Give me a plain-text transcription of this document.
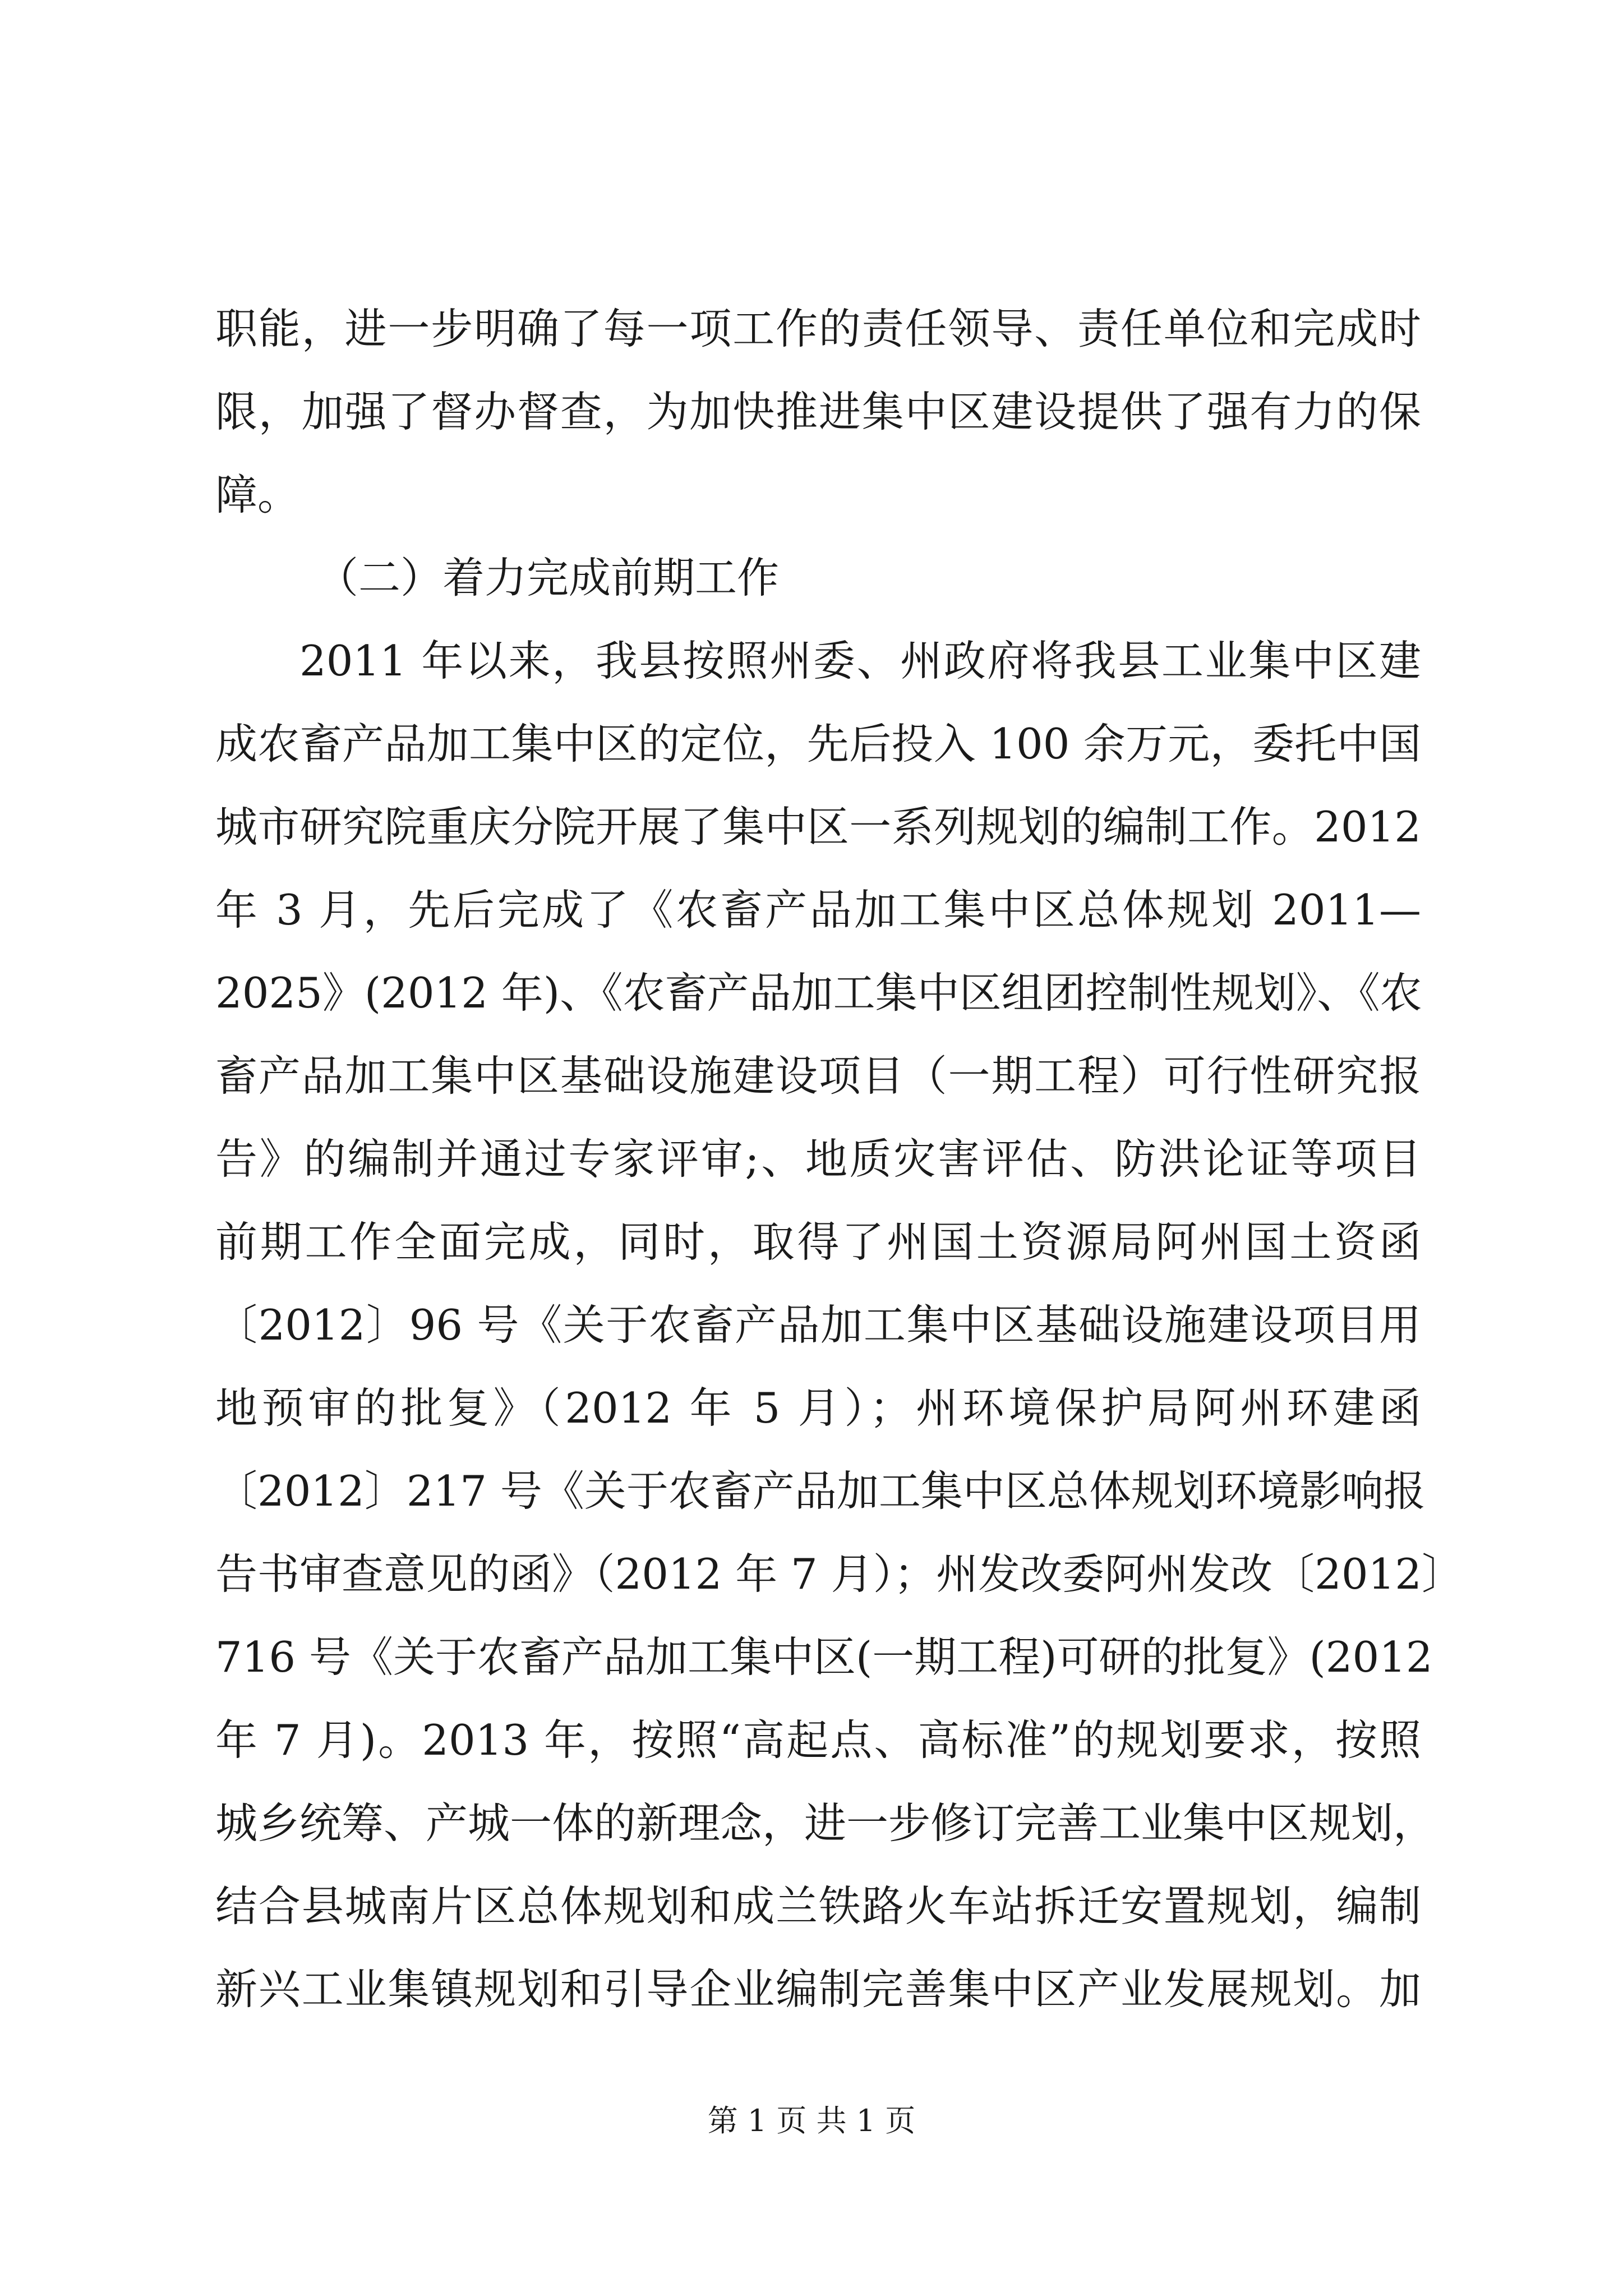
职能，进一步明确了每一项工作的责任领导、责任单位和完成时
限，加强了督办督查，为加快推进集中区建设提供了强有力的保
障。
（二）着力完成前期工作
2011 年以来，我县按照州委、州政府将我县工业集中区建
成农畜产品加工集中区的定位，先后投入 100 余万元，委托中国
城市研究院重庆分院开展了集中区一系列规划的编制工作。2012
年 3 月，先后完成了《农畜产品加工集中区总体规划 2011—
2025》(2012 年)、《农畜产品加工集中区组团控制性规划》、《农
畜产品加工集中区基础设施建设项目（一期工程）可行性研究报
告》的编制并通过专家评审;、地质灾害评估、防洪论证等项目
前期工作全面完成，同时，取得了州国土资源局阿州国土资函
〔2012〕96 号《关于农畜产品加工集中区基础设施建设项目用
地预审的批复》（2012 年 5 月）；州环境保护局阿州环建函
〔2012〕217 号《关于农畜产品加工集中区总体规划环境影响报
告书审查意见的函》（2012 年 7 月）；州发改委阿州发改〔2012〕
716 号《关于农畜产品加工集中区(一期工程)可研的批复》(2012
年 7 月)。2013 年，按照“高起点、高标准”的规划要求，按照
城乡统筹、产城一体的新理念，进一步修订完善工业集中区规划，
结合县城南片区总体规划和成兰铁路火车站拆迁安置规划，编制
新兴工业集镇规划和引导企业编制完善集中区产业发展规划。加
第 1 页 共 1 页
